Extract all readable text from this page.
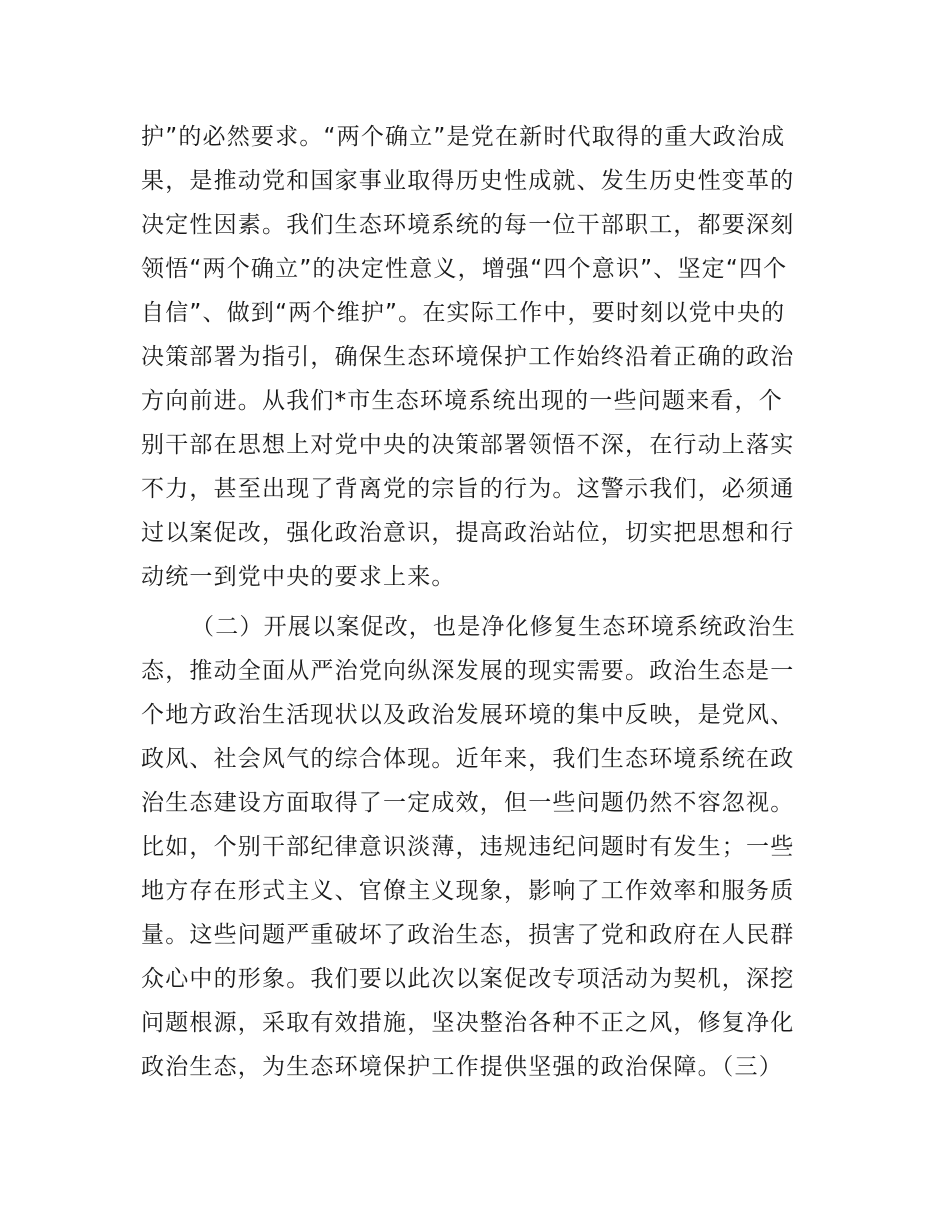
护”的必然要求。“两个确立”是党在新时代取得的重大政治成
果，是推动党和国家事业取得历史性成就、发生历史性变革的
决定性因素。我们生态环境系统的每一位干部职工，都要深刻
领悟“两个确立”的决定性意义，增强“四个意识”、坚定“四个
自信”、做到“两个维护”。在实际工作中，要时刻以党中央的
决策部署为指引，确保生态环境保护工作始终沿着正确的政治
方向前进。从我们*市生态环境系统出现的一些问题来看，个
别干部在思想上对党中央的决策部署领悟不深，在行动上落实
不力，甚至出现了背离党的宗旨的行为。这警示我们，必须通
过以案促改，强化政治意识，提高政治站位，切实把思想和行
动统一到党中央的要求上来。
（二）开展以案促改，也是净化修复生态环境系统政治生
态，推动全面从严治党向纵深发展的现实需要。政治生态是一
个地方政治生活现状以及政治发展环境的集中反映，是党风、
政风、社会风气的综合体现。近年来，我们生态环境系统在政
治生态建设方面取得了一定成效，但一些问题仍然不容忽视。
比如，个别干部纪律意识淡薄，违规违纪问题时有发生；一些
地方存在形式主义、官僚主义现象，影响了工作效率和服务质
量。这些问题严重破坏了政治生态，损害了党和政府在人民群
众心中的形象。我们要以此次以案促改专项活动为契机，深挖
问题根源，采取有效措施，坚决整治各种不正之风，修复净化
政治生态，为生态环境保护工作提供坚强的政治保障。（三）
